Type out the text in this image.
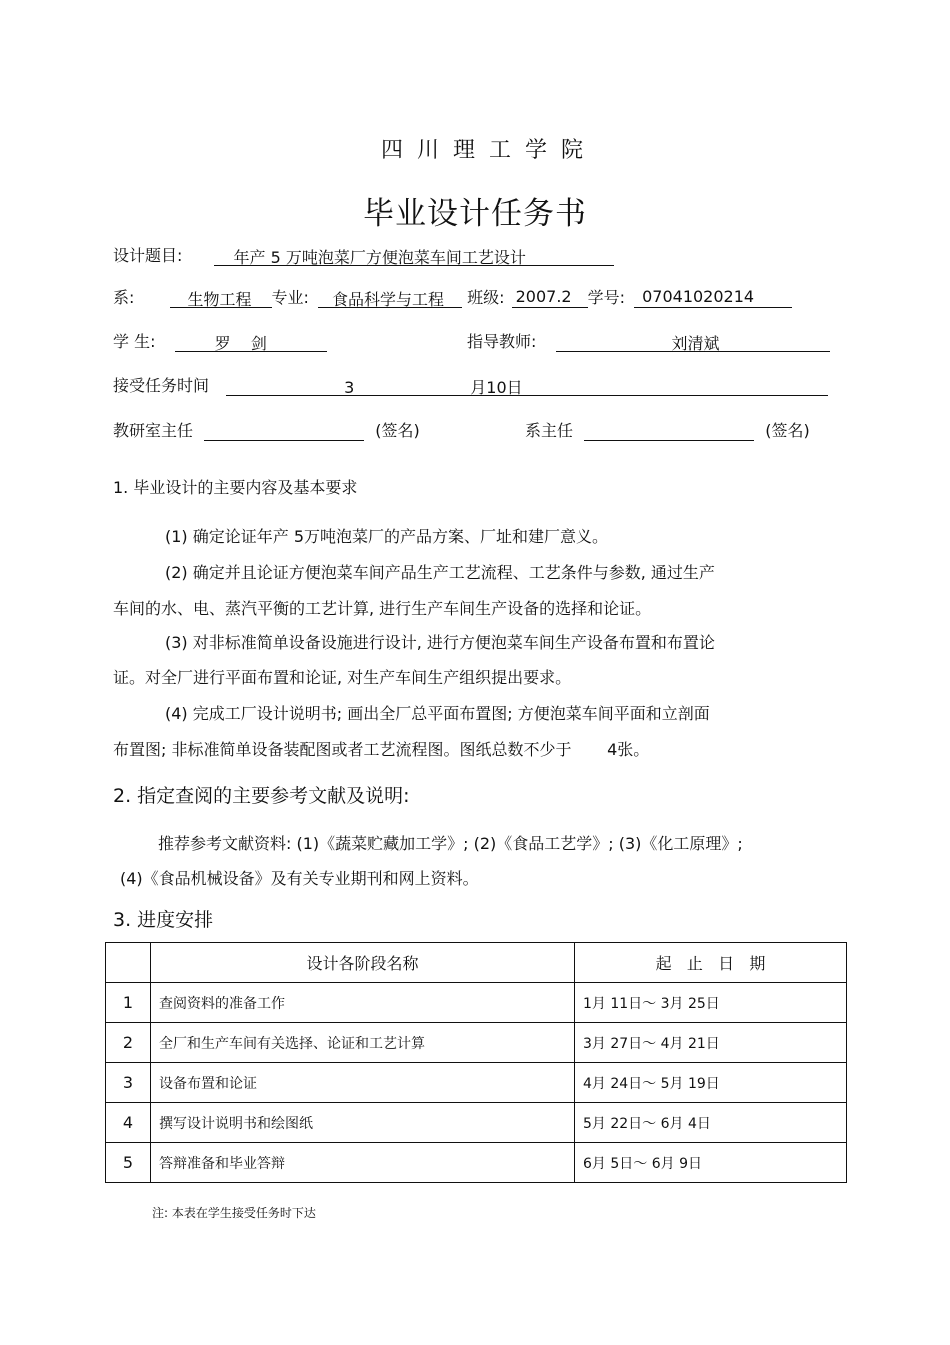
四川理工学院
毕业设计任务书
设计题目:	年产 5 万吨泡菜厂方便泡菜车间工艺设计
系:	生物工程 专业: 食品科学与工程 班级: 2007.2 学号: 07041020214
学 生:	罗    剑	指导教师:	刘清斌
接受任务时间	3	月10日
教研室主任	(签名)	系主任	(签名)
1. 毕业设计的主要内容及基本要求
(1) 确定论证年产 5万吨泡菜厂的产品方案、厂址和建厂意义。
(2) 确定并且论证方便泡菜车间产品生产工艺流程、工艺条件与参数, 通过生产
车间的水、电、蒸汽平衡的工艺计算, 进行生产车间生产设备的选择和论证。
(3) 对非标准简单设备设施进行设计, 进行方便泡菜车间生产设备布置和布置论
证。对全厂进行平面布置和论证, 对生产车间生产组织提出要求。
(4) 完成工厂设计说明书; 画出全厂总平面布置图; 方便泡菜车间平面和立剖面
布置图; 非标准简单设备装配图或者工艺流程图。图纸总数不少于       4张。
2. 指定查阅的主要参考文献及说明:
推荐参考文献资料: (1)《蔬菜贮藏加工学》; (2)《食品工艺学》; (3)《化工原理》;
(4)《食品机械设备》及有关专业期刊和网上资料。
3. 进度安排
	设计各阶段名称	起   止   日   期
1	查阅资料的准备工作	1月 11日～ 3月 25日
2	全厂和生产车间有关选择、论证和工艺计算	3月 27日～ 4月 21日
3	设备布置和论证	4月 24日～ 5月 19日
4	撰写设计说明书和绘图纸	5月 22日～ 6月 4日
5	答辩准备和毕业答辩	6月 5日～ 6月 9日
注: 本表在学生接受任务时下达
